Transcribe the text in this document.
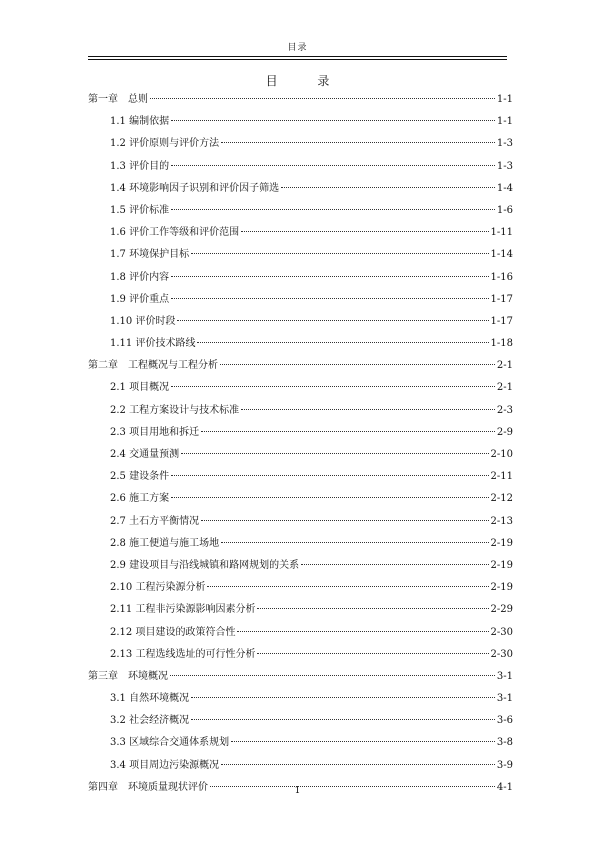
目录
目 录
第一章　总则	1-1
1.1 编制依据	1-1
1.2 评价原则与评价方法	1-3
1.3 评价目的	1-3
1.4 环境影响因子识别和评价因子筛选	1-4
1.5 评价标准	1-6
1.6 评价工作等级和评价范围	1-11
1.7 环境保护目标	1-14
1.8 评价内容	1-16
1.9 评价重点	1-17
1.10 评价时段	1-17
1.11 评价技术路线	1-18
第二章　工程概况与工程分析	2-1
2.1 项目概况	2-1
2.2 工程方案设计与技术标准	2-3
2.3 项目用地和拆迁	2-9
2.4 交通量预测	2-10
2.5 建设条件	2-11
2.6 施工方案	2-12
2.7 土石方平衡情况	2-13
2.8 施工便道与施工场地	2-19
2.9 建设项目与沿线城镇和路网规划的关系	2-19
2.10 工程污染源分析	2-19
2.11 工程非污染源影响因素分析	2-29
2.12 项目建设的政策符合性	2-30
2.13 工程选线选址的可行性分析	2-30
第三章　环境概况	3-1
3.1 自然环境概况	3-1
3.2 社会经济概况	3-6
3.3 区域综合交通体系规划	3-8
3.4 项目周边污染源概况	3-9
第四章　环境质量现状评价	4-1
1
